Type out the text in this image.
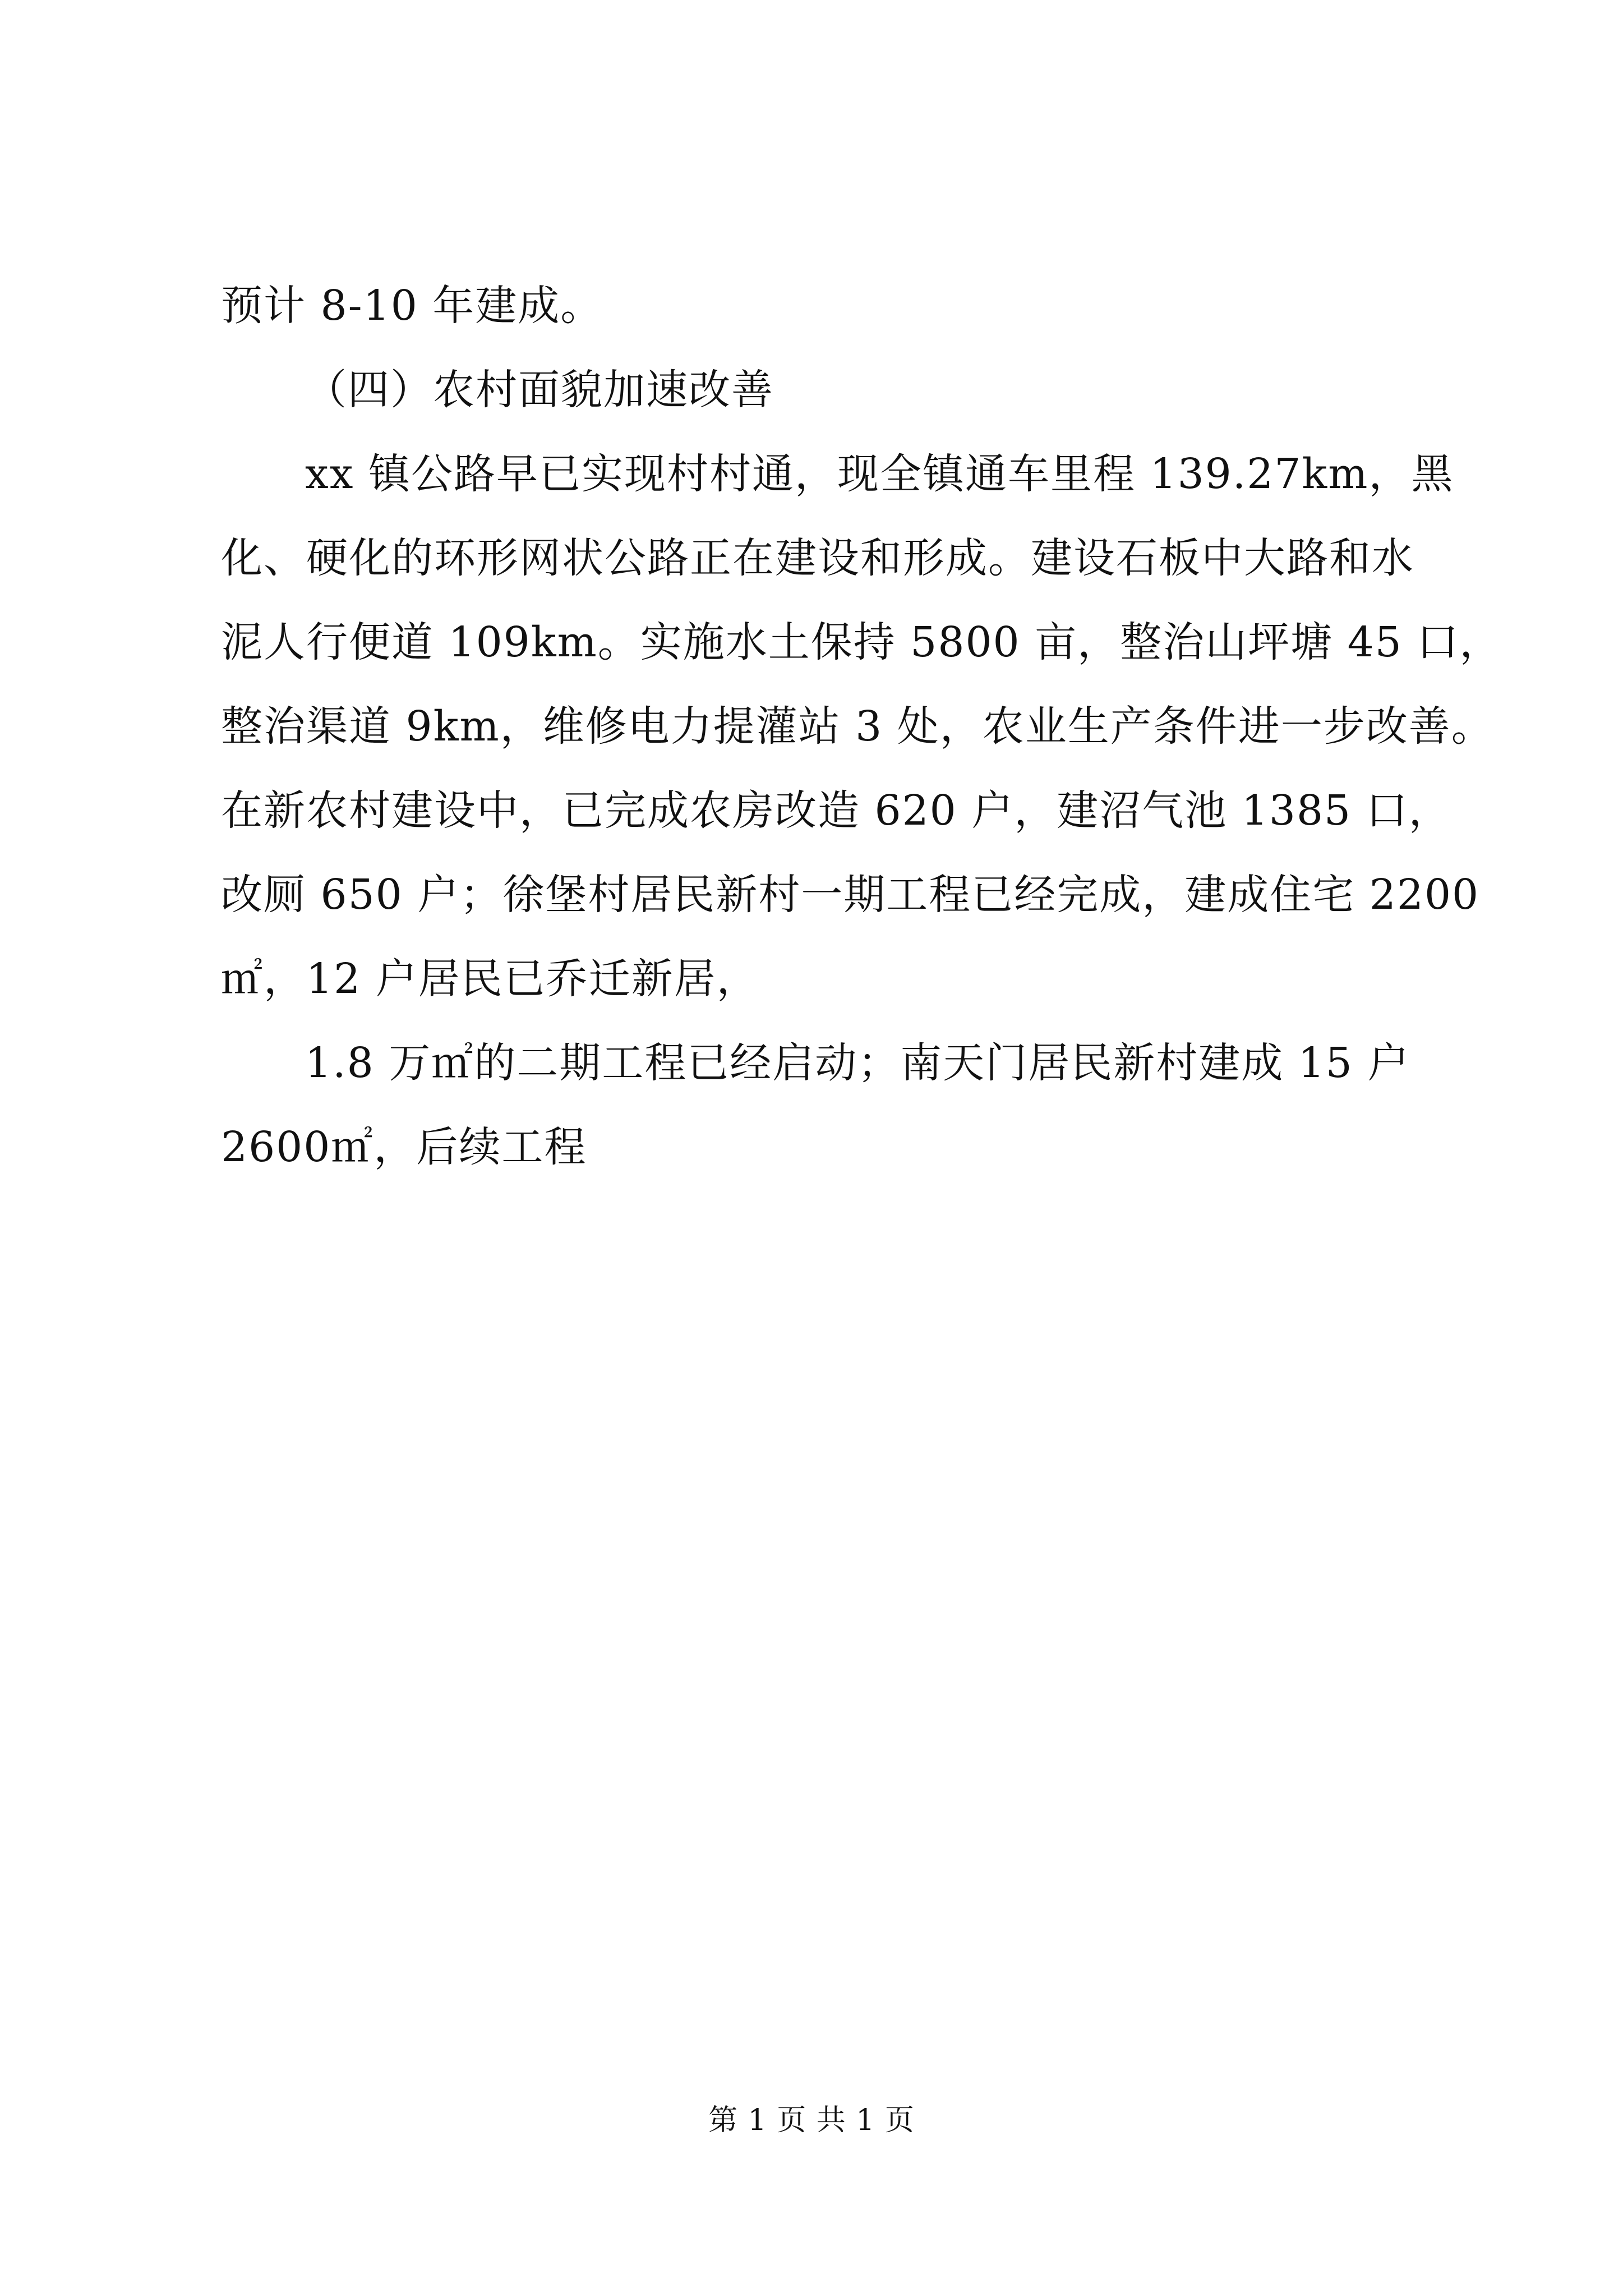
预计 8-10 年建成。
（四）农村面貌加速改善
xx 镇公路早已实现村村通，现全镇通车里程 139.27km，黑
化、硬化的环形网状公路正在建设和形成。建设石板中大路和水
泥人行便道 109km。实施水土保持 5800 亩，整治山坪塘 45 口，
整治渠道 9km，维修电力提灌站 3 处，农业生产条件进一步改善。
在新农村建设中，已完成农房改造 620 户，建沼气池 1385 口，
改厕 650 户；徐堡村居民新村一期工程已经完成，建成住宅 2200
㎡，12 户居民已乔迁新居，
1.8 万㎡的二期工程已经启动；南天门居民新村建成 15 户
2600㎡，后续工程
第 1 页 共 1 页
